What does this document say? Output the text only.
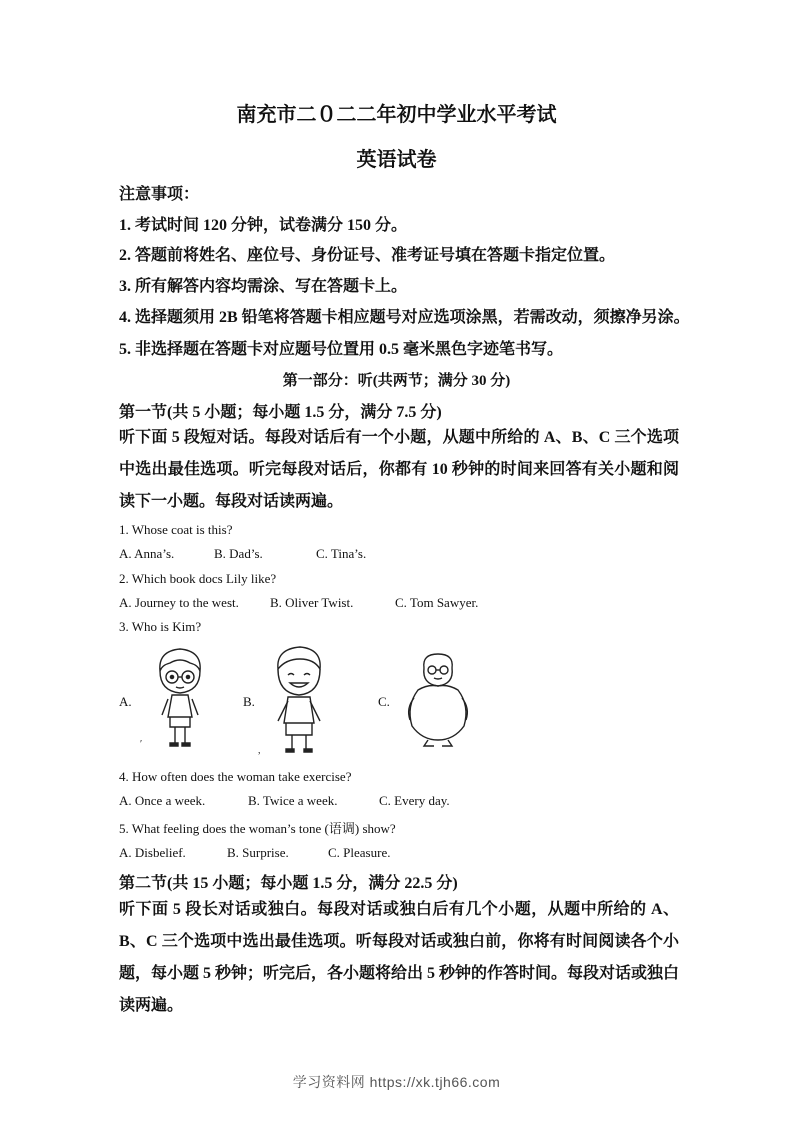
南充市二０二二年初中学业水平考试
英语试卷
注意事项：
1. 考试时间 120 分钟，试卷满分 150 分。
2. 答题前将姓名、座位号、身份证号、准考证号填在答题卡指定位置。
3. 所有解答内容均需涂、写在答题卡上。
4. 选择题须用 2B 铅笔将答题卡相应题号对应选项涂黑，若需改动，须擦净另涂。
5. 非选择题在答题卡对应题号位置用 0.5 毫米黑色字迹笔书写。
第一部分：听(共两节；满分 30 分)
第一节(共 5 小题；每小题 1.5 分，满分 7.5 分)
听下面 5 段短对话。每段对话后有一个小题，从题中所给的 A、B、C 三个选项中选出最佳选项。听完每段对话后，你都有 10 秒钟的时间来回答有关小题和阅读下一小题。每段对话读两遍。
1. Whose coat is this?
A. Anna’s.	B. Dad’s.	C. Tina’s.
2. Which book docs Lily like?
A. Journey to the west. B. Oliver Twist.	C. Tom Sawyer.
3. Who is Kim?
A.	B.	C.
ʹ
,
4. How often does the woman take exercise?
A. Once a week.	B. Twice a week.	C. Every day.
5. What feeling does the woman’s tone (语调) show?
A. Disbelief.	B. Surprise.	C. Pleasure.
第二节(共 15 小题；每小题 1.5 分，满分 22.5 分)
听下面 5 段长对话或独白。每段对话或独白后有几个小题，从题中所给的 A、B、C 三个选项中选出最佳选项。听每段对话或独白前，你将有时间阅读各个小题，每小题 5 秒钟；听完后，各小题将给出 5 秒钟的作答时间。每段对话或独白读两遍。
学习资料网 https://xk.tjh66.com
